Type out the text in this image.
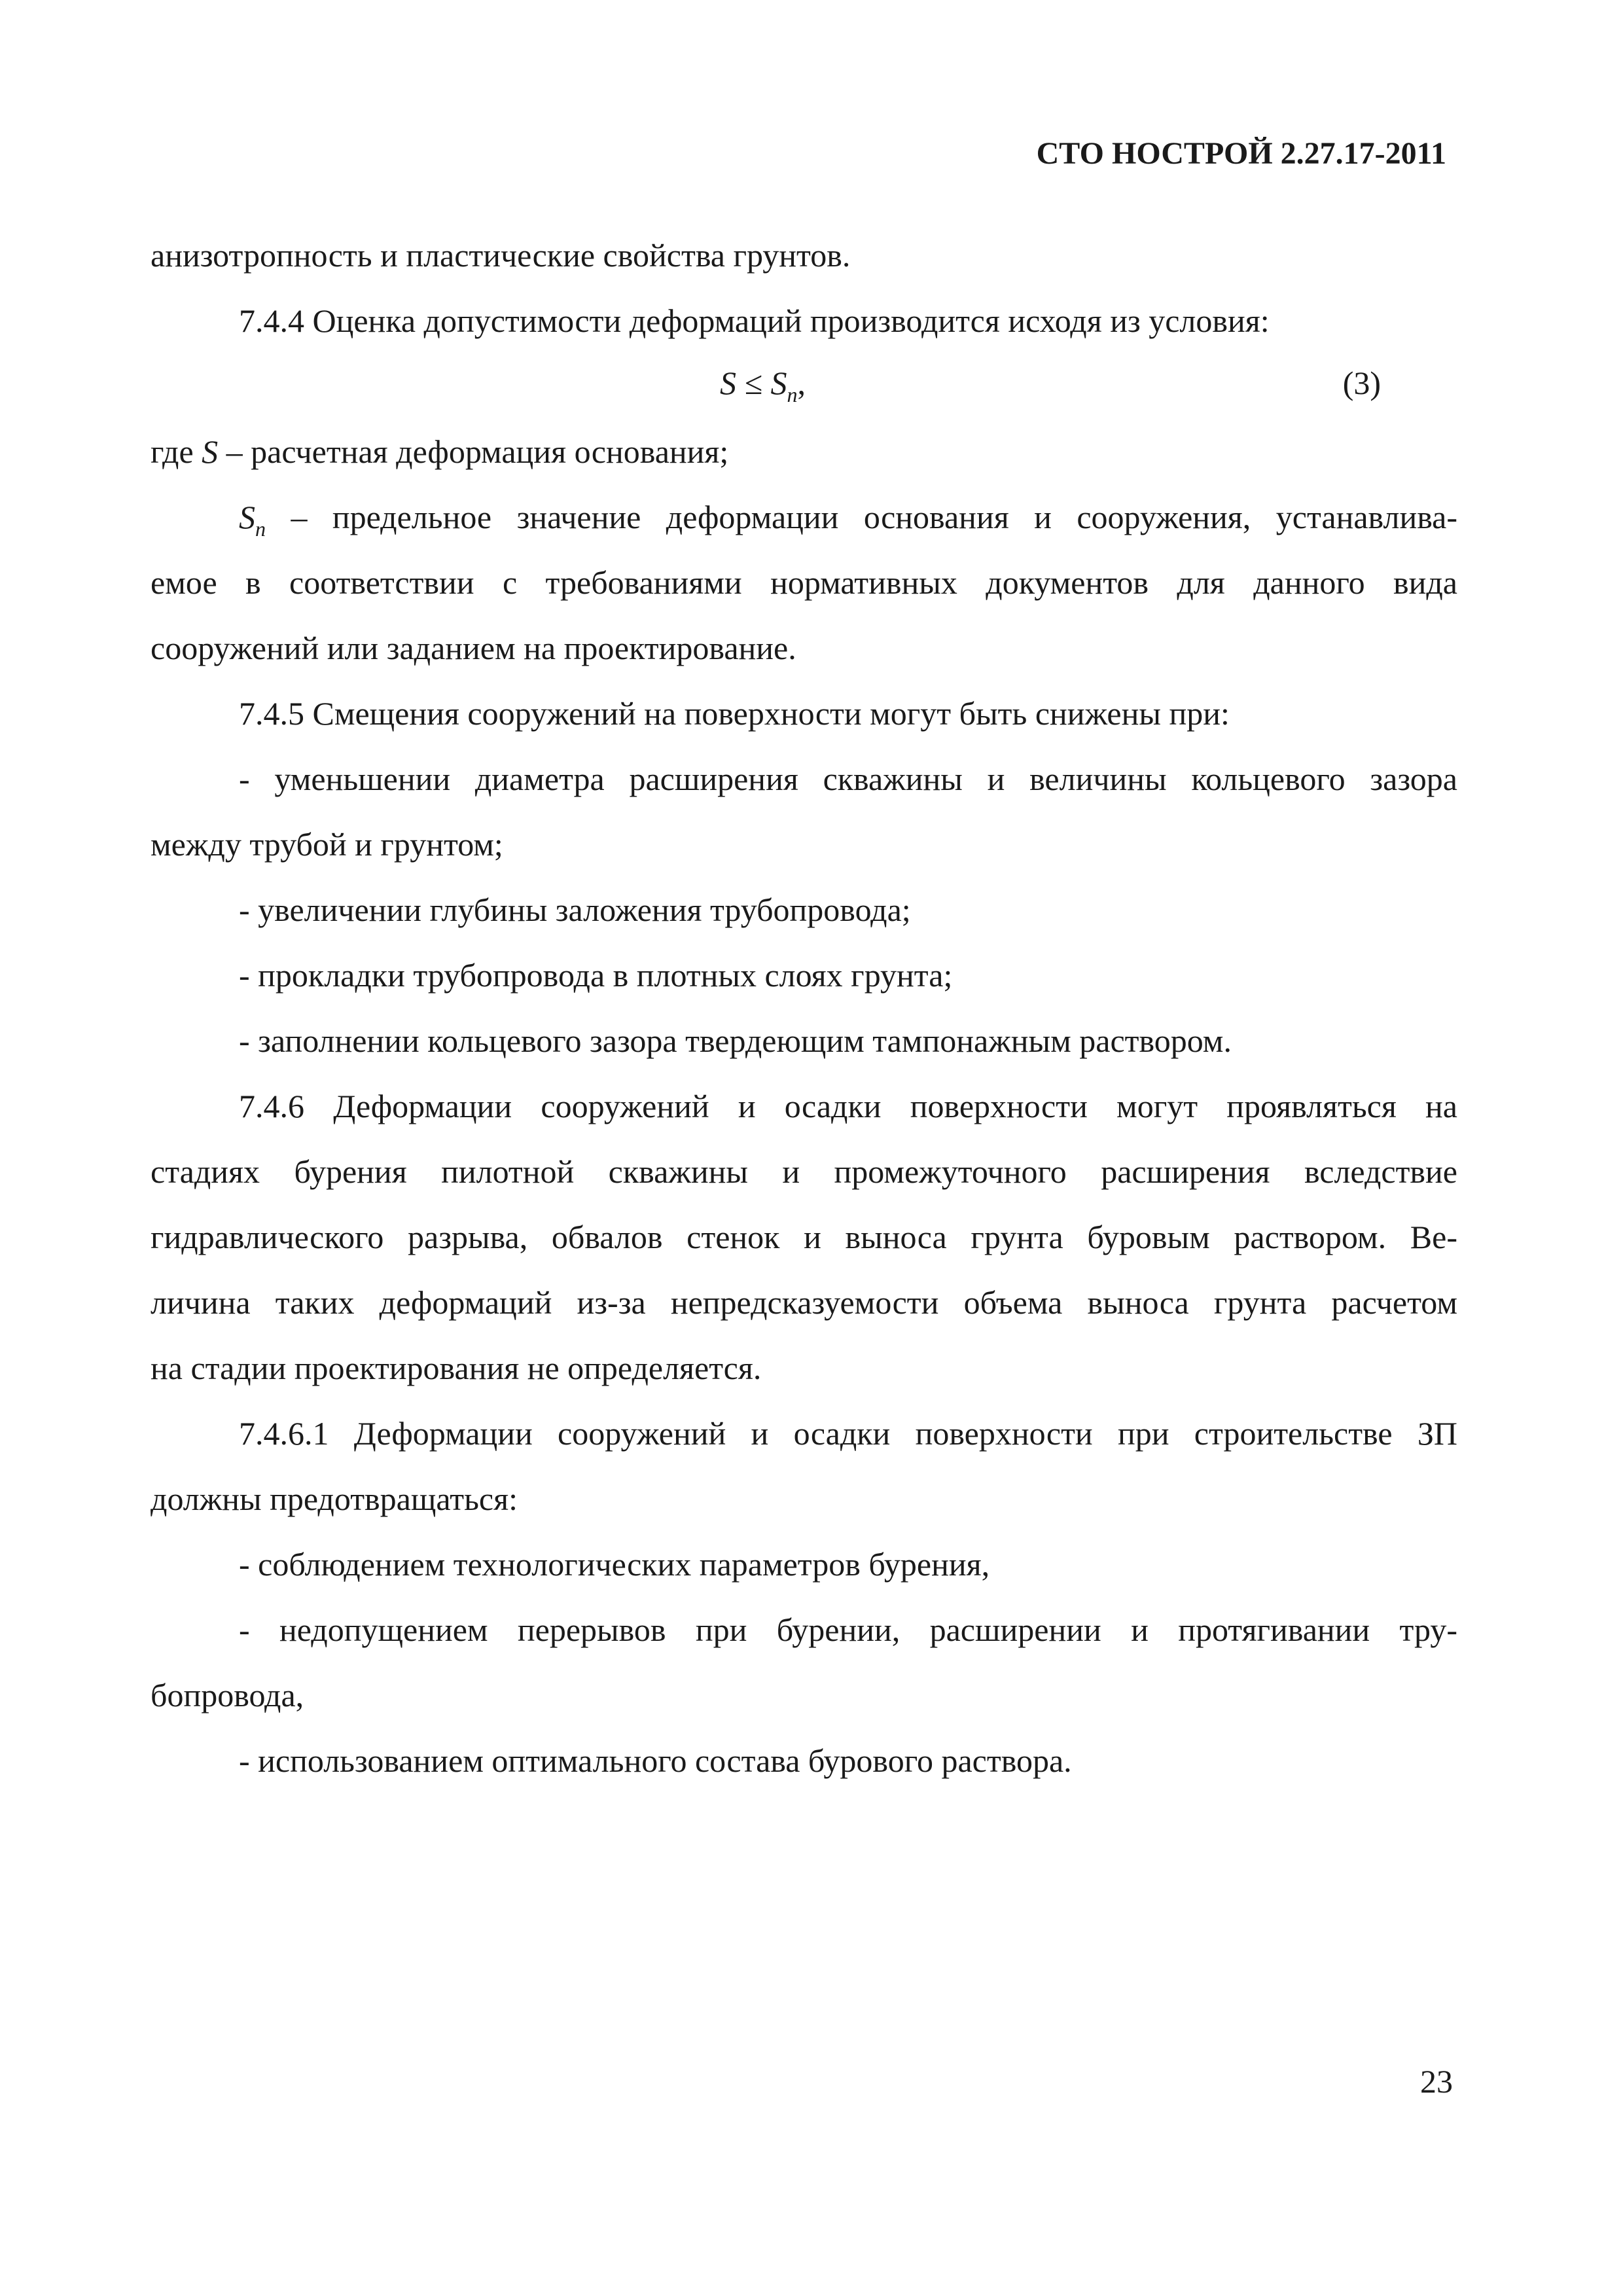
СТО НОСТРОЙ 2.27.17-2011
анизотропность и пластические свойства грунтов.
7.4.4 Оценка допустимости деформаций производится исходя из условия:
$S \le S_n$,	(3)
где S – расчетная деформация основания;
$S_n$ – предельное значение деформации основания и сооружения, устанавлива-
емое в соответствии с требованиями нормативных документов для данного вида
сооружений или заданием на проектирование.
7.4.5 Смещения сооружений на поверхности могут быть снижены при:
- уменьшении диаметра расширения скважины и величины кольцевого зазора
между трубой и грунтом;
- увеличении глубины заложения трубопровода;
- прокладки трубопровода в плотных слоях грунта;
- заполнении кольцевого зазора твердеющим тампонажным раствором.
7.4.6 Деформации сооружений и осадки поверхности могут проявляться на
стадиях бурения пилотной скважины и промежуточного расширения вследствие
гидравлического разрыва, обвалов стенок и выноса грунта буровым раствором. Ве-
личина таких деформаций из-за непредсказуемости объема выноса грунта расчетом
на стадии проектирования не определяется.
7.4.6.1 Деформации сооружений и осадки поверхности при строительстве ЗП
должны предотвращаться:
- соблюдением технологических параметров бурения,
- недопущением перерывов при бурении, расширении и протягивании тру-
бопровода,
- использованием оптимального состава бурового раствора.
23
